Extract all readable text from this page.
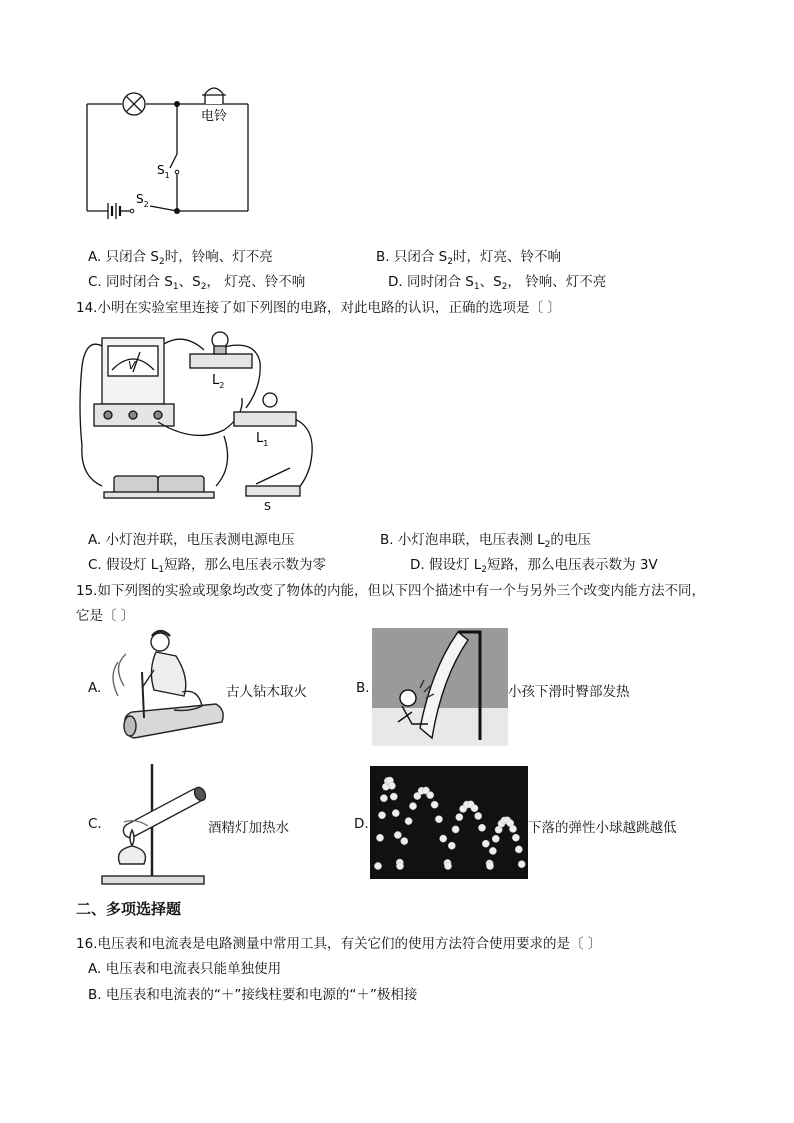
电铃
$S_1$
$S_2$
A. 只闭合 $S_2$时，铃响、灯不亮	B. 只闭合 $S_2$时，灯亮、铃不响
C. 同时闭合 $S_1$、$S_2$， 灯亮、铃不响	D. 同时闭合 $S_1$、$S_2$， 铃响、灯不亮
14.小明在实验室里连接了如下列图的电路，对此电路的认识，正确的选项是〔 〕
V
$L_2$
$L_1$
S
A. 小灯泡并联，电压表测电源电压	B. 小灯泡串联，电压表测 $L_2$的电压
C. 假设灯 $L_1$短路，那么电压表示数为零	D. 假设灯 $L_2$短路，那么电压表示数为 3V
15.如下列图的实验或现象均改变了物体的内能，但以下四个描述中有一个与另外三个改变内能方法不同，
它是〔 〕
A.	古人钻木取火	B.	小孩下滑时臀部发热
C.	酒精灯加热水	D.	下落的弹性小球越跳越低
二、多项选择题
16.电压表和电流表是电路测量中常用工具，有关它们的使用方法符合使用要求的是〔 〕
A. 电压表和电流表只能单独使用
B. 电压表和电流表的“＋”接线柱要和电源的“＋”极相接
